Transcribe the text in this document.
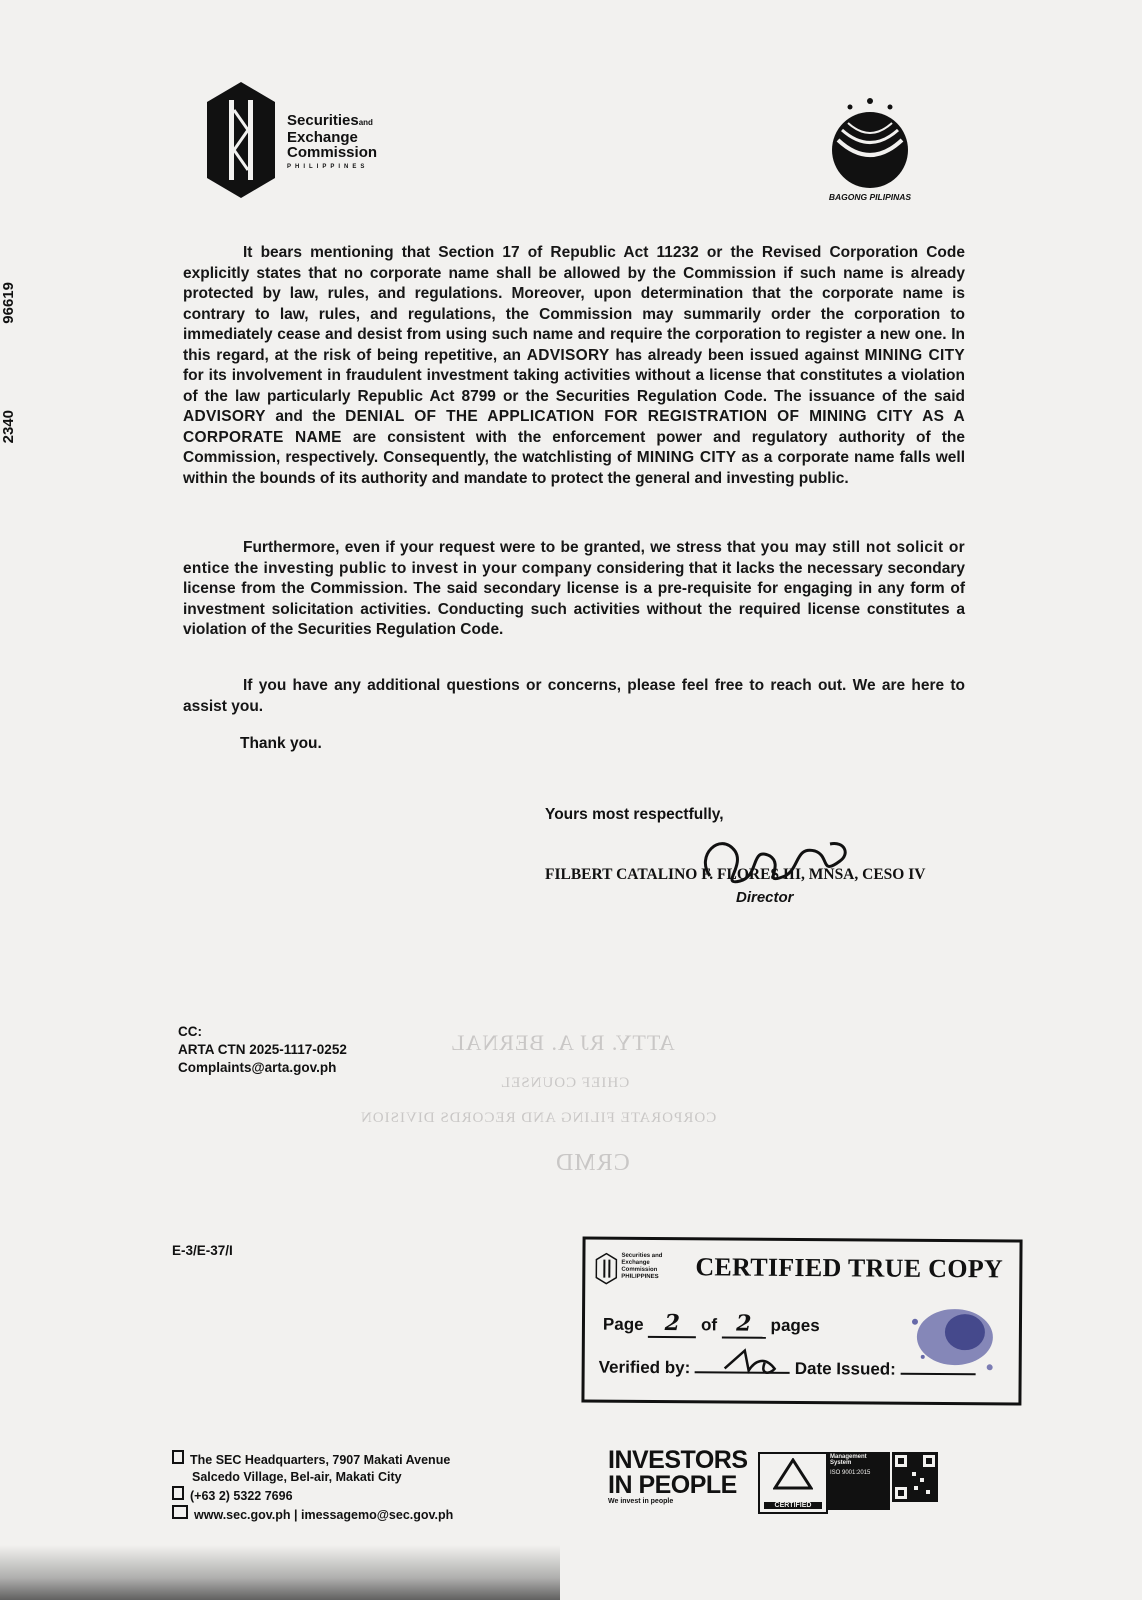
Securitiesand
Exchange
Commission
PHILIPPINES
BAGONG PILIPINAS
96619
2340
It bears mentioning that Section 17 of Republic Act 11232 or the Revised Corporation Code explicitly states that no corporate name shall be allowed by the Commission if such name is already protected by law, rules, and regulations. Moreover, upon determination that the corporate name is contrary to law, rules, and regulations, the Commission may summarily order the corporation to immediately cease and desist from using such name and require the corporation to register a new one. In this regard, at the risk of being repetitive, an ADVISORY has already been issued against MINING CITY for its involvement in fraudulent investment taking activities without a license that constitutes a violation of the law particularly Republic Act 8799 or the Securities Regulation Code. The issuance of the said ADVISORY and the DENIAL OF THE APPLICATION FOR REGISTRATION OF MINING CITY AS A CORPORATE NAME are consistent with the enforcement power and regulatory authority of the Commission, respectively. Consequently, the watchlisting of MINING CITY as a corporate name falls well within the bounds of its authority and mandate to protect the general and investing public.
Furthermore, even if your request were to be granted, we stress that you may still not solicit or entice the investing public to invest in your company considering that it lacks the necessary secondary license from the Commission. The said secondary license is a pre-requisite for engaging in any form of investment solicitation activities. Conducting such activities without the required license constitutes a violation of the Securities Regulation Code.
If you have any additional questions or concerns, please feel free to reach out. We are here to assist you.
Thank you.
Yours most respectfully,
FILBERT CATALINO F. FLORES III, MNSA, CESO IV
Director
CC:
ARTA CTN 2025-1117-0252
Complaints@arta.gov.ph
ATTY. RJ A. BERNAL
CHIEF COUNSEL
CORPORATE FILING AND RECORDS DIVISION
CRMD
E-3/E-37/I	Securities and Exchange Commission PHILIPPINES	CERTIFIED TRUE COPY
Page 2 of 2 pages
Verified by:	Date Issued:
The SEC Headquarters, 7907 Makati Avenue
Salcedo Village, Bel-air, Makati City
(+63 2) 5322 7696
www.sec.gov.ph | imessagemo@sec.gov.ph
INVESTORS
IN PEOPLE
We invest in people
CERTIFIED
Management System
ISO 9001:2015
